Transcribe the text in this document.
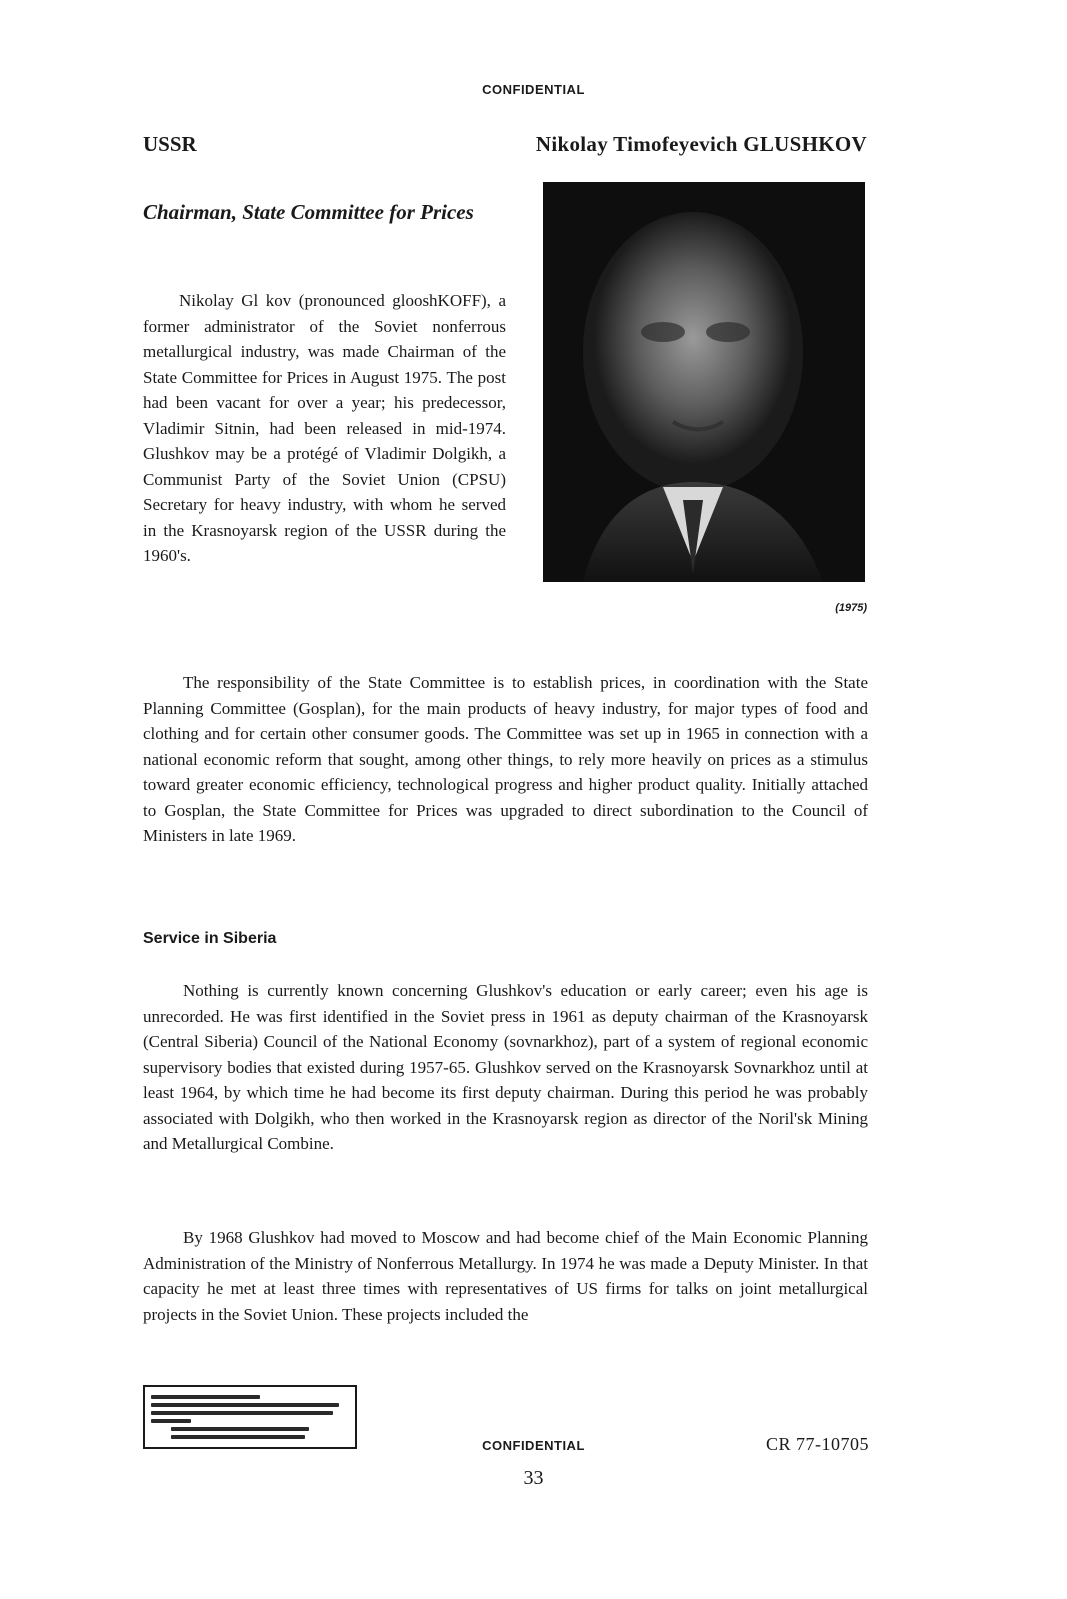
CONFIDENTIAL
USSR	Nikolay Timofeyevich GLUSHKOV
Chairman, State Committee for Prices

Nikolay Gl kov (pronounced glooshKOFF), a former administrator of the Soviet nonferrous metallurgical industry, was made Chairman of the State Committee for Prices in August 1975. The post had been vacant for over a year; his predecessor, Vladimir Sitnin, had been released in mid-1974. Glushkov may be a protégé of Vladimir Dolgikh, a Communist Party of the Soviet Union (CPSU) Secretary for heavy industry, with whom he served in the Krasnoyarsk region of the USSR during the 1960's.

(1975)

The responsibility of the State Committee is to establish prices, in coordination with the State Planning Committee (Gosplan), for the main products of heavy industry, for major types of food and clothing and for certain other consumer goods. The Committee was set up in 1965 in connection with a national economic reform that sought, among other things, to rely more heavily on prices as a stimulus toward greater economic efficiency, technological progress and higher product quality. Initially attached to Gosplan, the State Committee for Prices was upgraded to direct subordination to the Council of Ministers in late 1969.

Service in Siberia

Nothing is currently known concerning Glushkov's education or early career; even his age is unrecorded. He was first identified in the Soviet press in 1961 as deputy chairman of the Krasnoyarsk (Central Siberia) Council of the National Economy (sovnarkhoz), part of a system of regional economic supervisory bodies that existed during 1957-65. Glushkov served on the Krasnoyarsk Sovnarkhoz until at least 1964, by which time he had become its first deputy chairman. During this period he was probably associated with Dolgikh, who then worked in the Krasnoyarsk region as director of the Noril'sk Mining and Metallurgical Combine.

By 1968 Glushkov had moved to Moscow and had become chief of the Main Economic Planning Administration of the Ministry of Nonferrous Metallurgy. In 1974 he was made a Deputy Minister. In that capacity he met at least three times with representatives of US firms for talks on joint metallurgical projects in the Soviet Union. These projects included the

CONFIDENTIAL	CR 77-10705
33
